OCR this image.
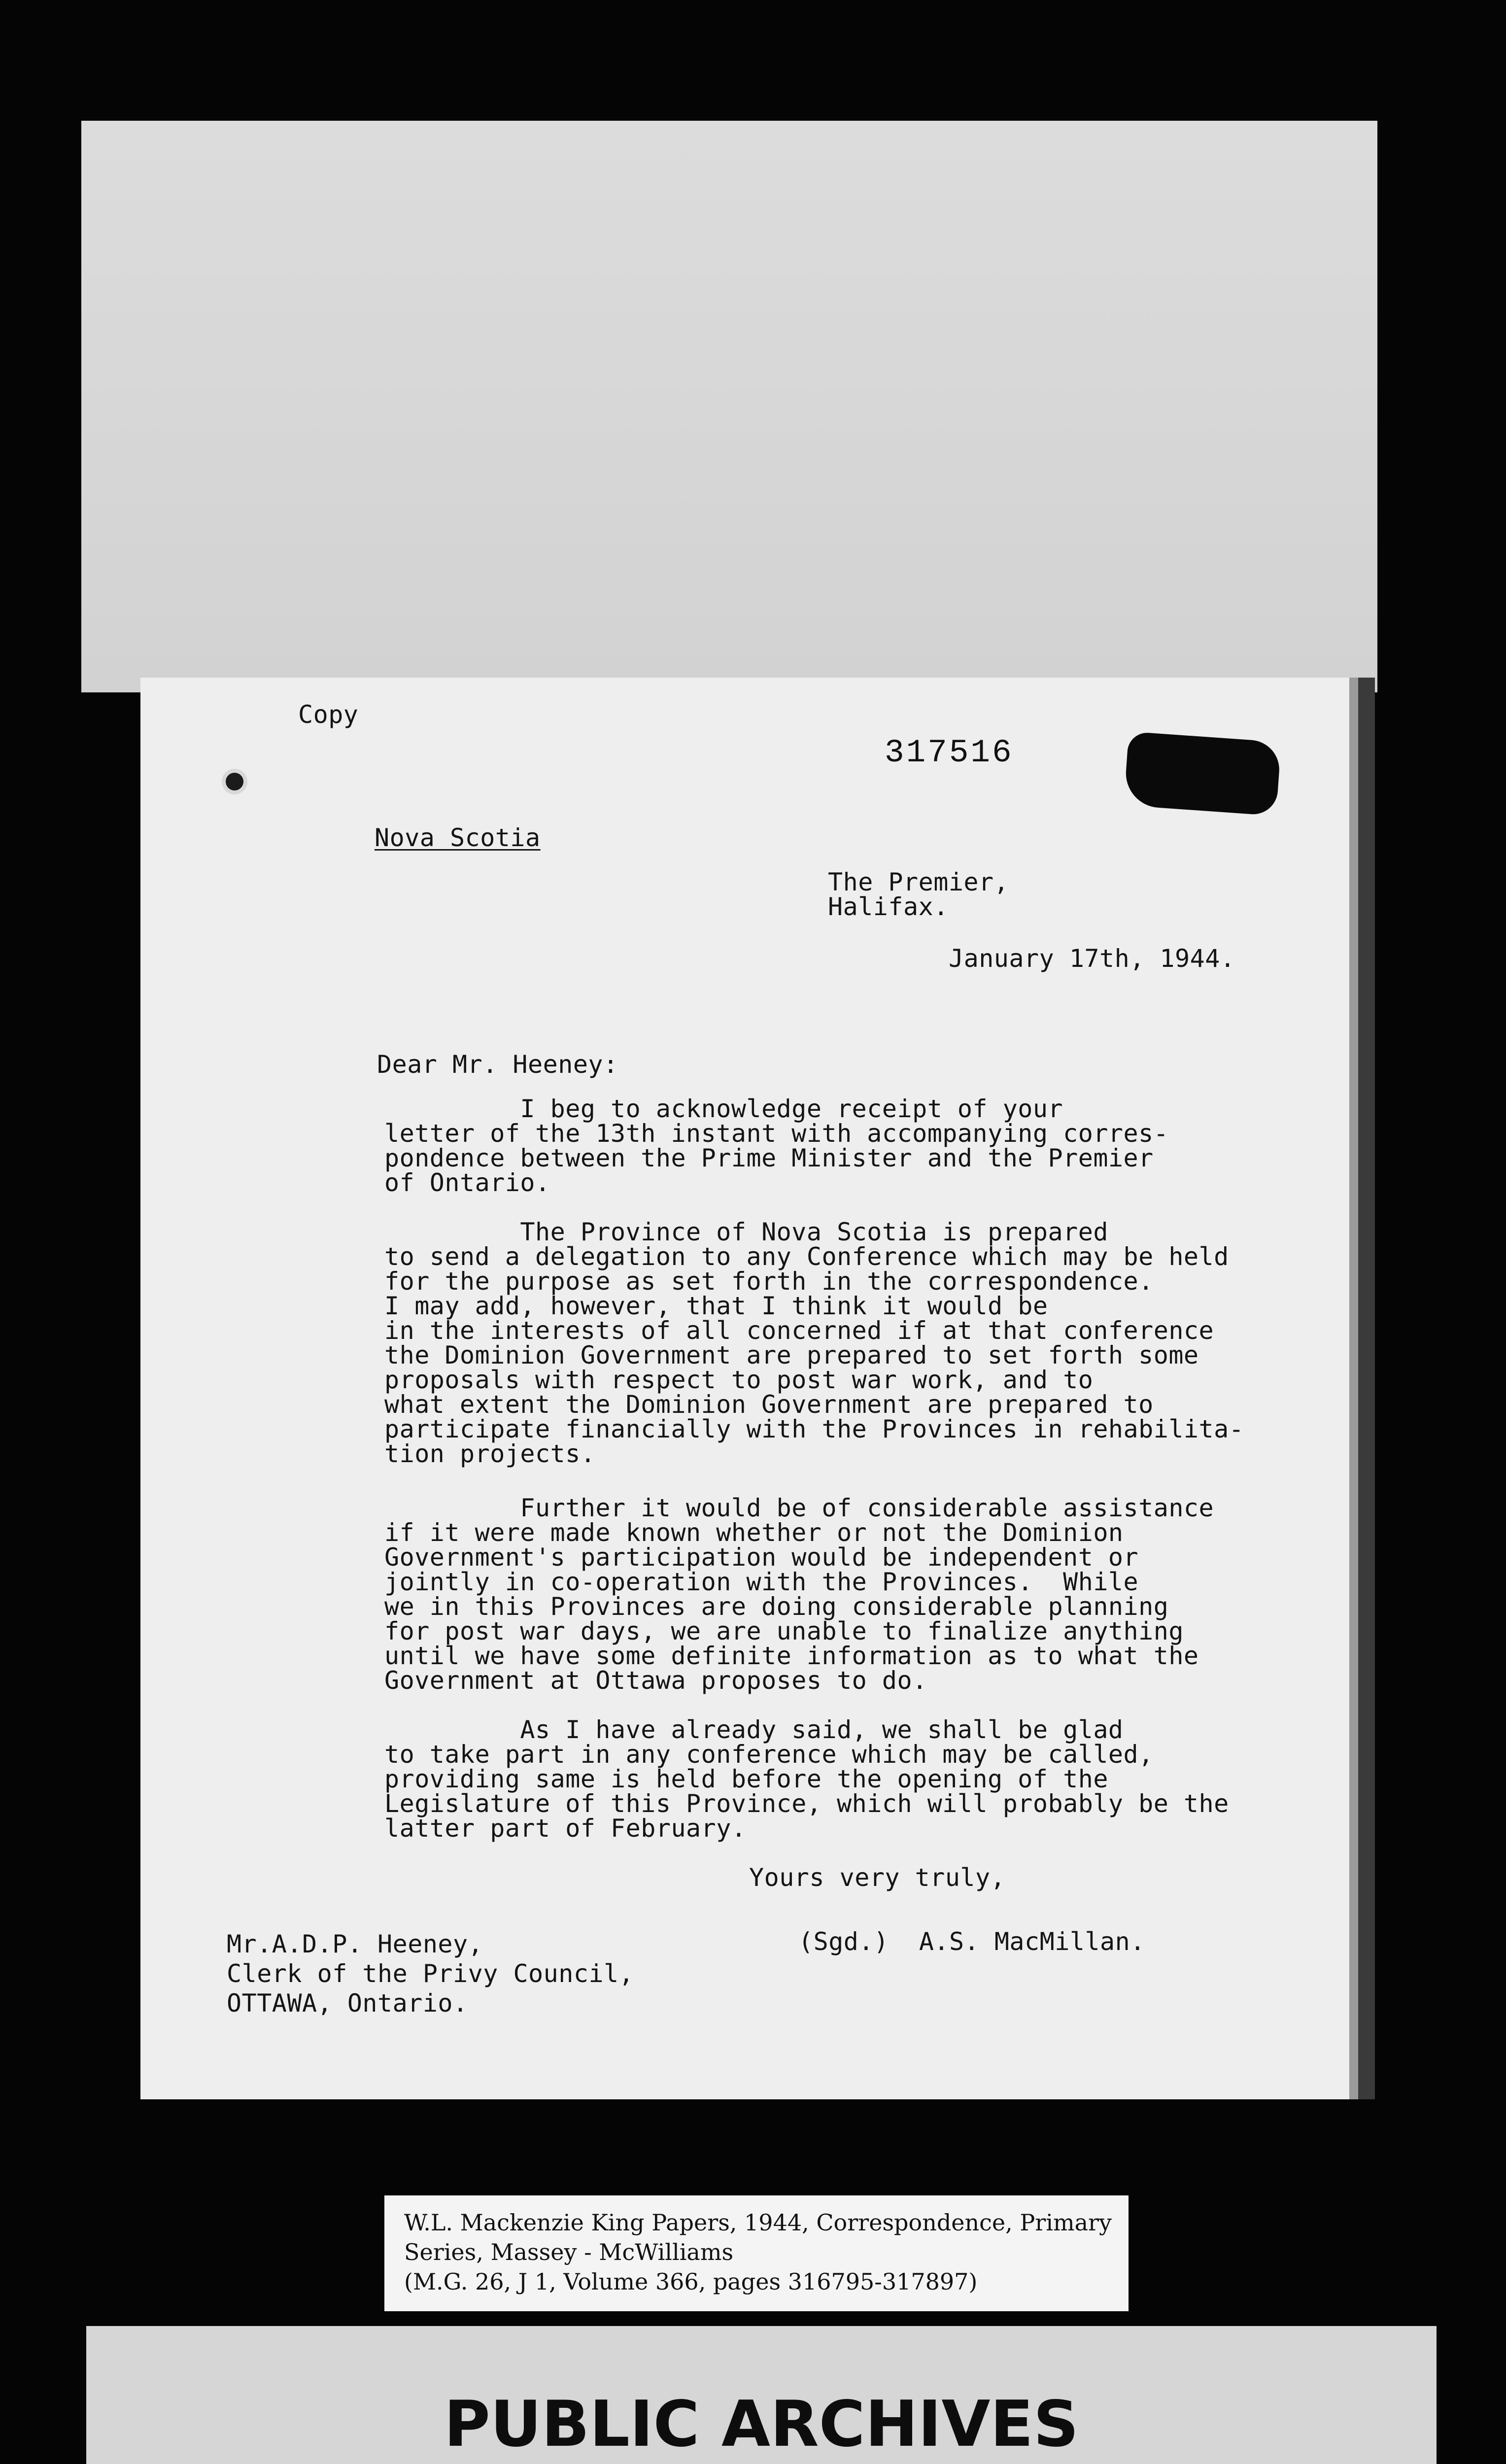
Copy
317516
Nova Scotia
The Premier,
Halifax.
January 17th, 1944.
Dear Mr. Heeney:
I beg to acknowledge receipt of your
letter of the 13th instant with accompanying corres-
pondence between the Prime Minister and the Premier
of Ontario.
The Province of Nova Scotia is prepared
to send a delegation to any Conference which may be held
for the purpose as set forth in the correspondence.
I may add, however, that I think it would be
in the interests of all concerned if at that conference
the Dominion Government are prepared to set forth some
proposals with respect to post war work, and to
what extent the Dominion Government are prepared to
participate financially with the Provinces in rehabilita-
tion projects.
Further it would be of considerable assistance
if it were made known whether or not the Dominion
Government's participation would be independent or
jointly in co-operation with the Provinces.  While
we in this Provinces are doing considerable planning
for post war days, we are unable to finalize anything
until we have some definite information as to what the
Government at Ottawa proposes to do.
As I have already said, we shall be glad
to take part in any conference which may be called,
providing same is held before the opening of the
Legislature of this Province, which will probably be the
latter part of February.
Yours very truly,
(Sgd.)  A.S. MacMillan.
Mr.A.D.P. Heeney,
Clerk of the Privy Council,
OTTAWA, Ontario.
W.L. Mackenzie King Papers, 1944, Correspondence, Primary
Series, Massey - McWilliams
(M.G. 26, J 1, Volume 366, pages 316795-317897)
PUBLIC ARCHIVES
